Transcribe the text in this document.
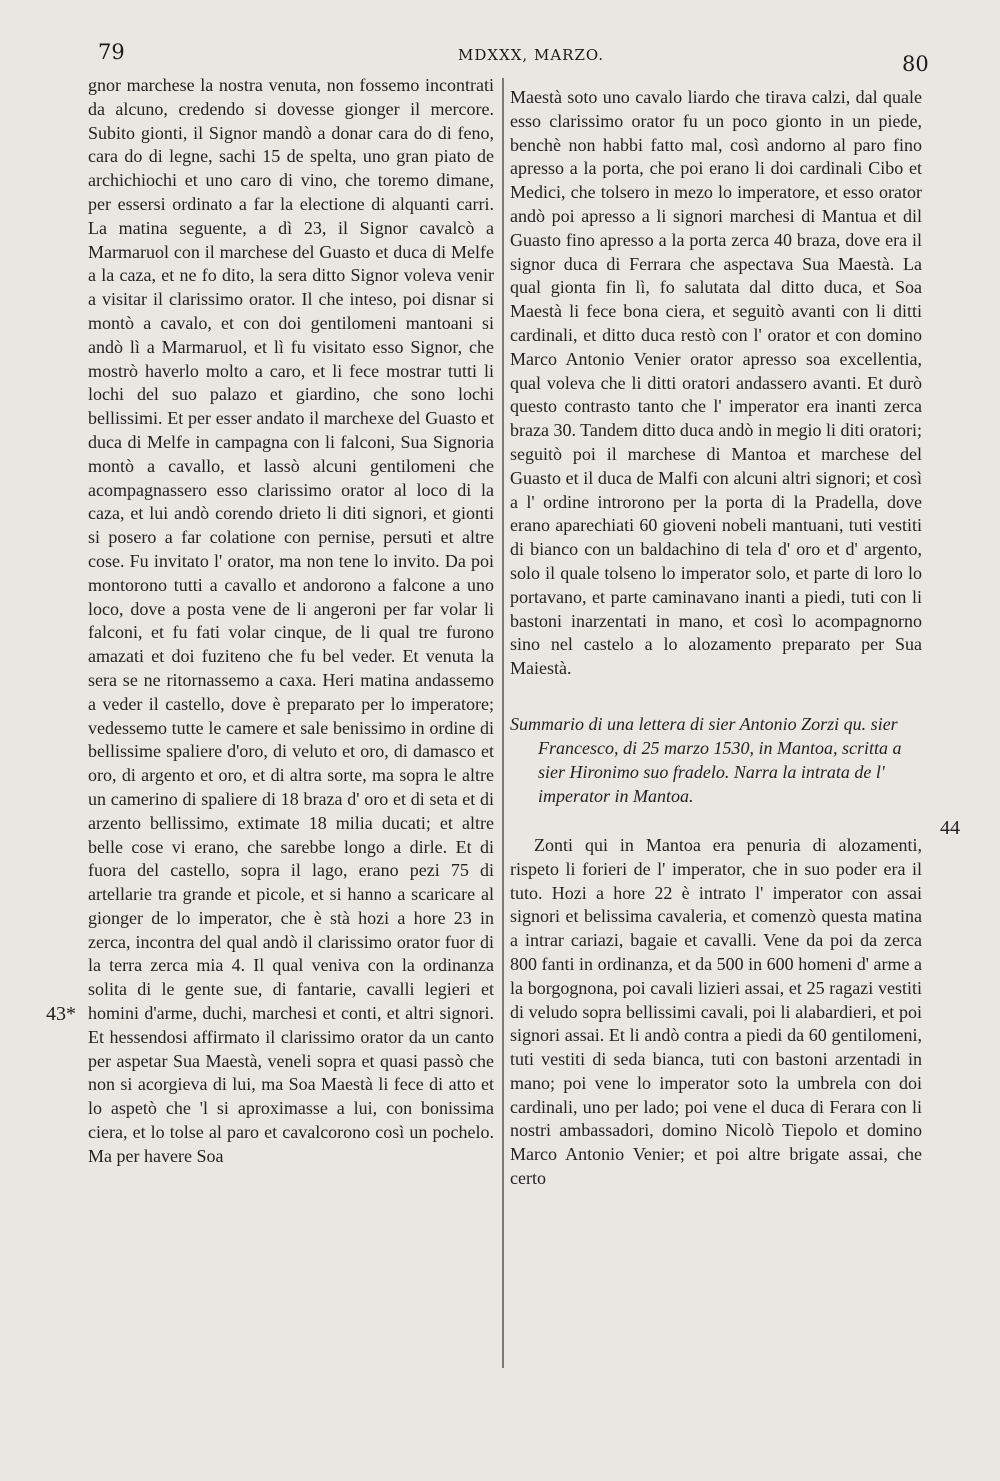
79	MDXXX, MARZO.	80

gnor marchese la nostra venuta, non fossemo incontrati da alcuno, credendo si dovesse gionger il mercore. Subito gionti, il Signor mandò a donar cara do di feno, cara do di legne, sachi 15 de spelta, uno gran piato de archichiochi et uno caro di vino, che toremo dimane, per essersi ordinato a far la electione di alquanti carri. La matina seguente, a dì 23, il Signor cavalcò a Marmaruol con il marchese del Guasto et duca di Melfe a la caza, et ne fo dito, la sera ditto Signor voleva venir a visitar il clarissimo orator. Il che inteso, poi disnar si montò a cavalo, et con doi gentilomeni mantoani si andò lì a Marmaruol, et lì fu visitato esso Signor, che mostrò haverlo molto a caro, et li fece mostrar tutti li lochi del suo palazo et giardino, che sono lochi bellissimi. Et per esser andato il marchexe del Guasto et duca di Melfe in campagna con li falconi, Sua Signoria montò a cavallo, et lassò alcuni gentilomeni che acompagnassero esso clarissimo orator al loco di la caza, et lui andò corendo drieto li diti signori, et gionti si posero a far colatione con pernise, persuti et altre cose. Fu invitato l' orator, ma non tene lo invito. Da poi montorono tutti a cavallo et andorono a falcone a uno loco, dove a posta vene de li angeroni per far volar li falconi, et fu fati volar cinque, de li qual tre furono amazati et doi fuziteno che fu bel veder. Et venuta la sera se ne ritornassemo a caxa. Heri matina andassemo a veder il castello, dove è preparato per lo imperatore; vedessemo tutte le camere et sale benissimo in ordine di bellissime spaliere d'oro, di veluto et oro, di damasco et oro, di argento et oro, et di altra sorte, ma sopra le altre un camerino di spaliere di 18 braza d' oro et di seta et di arzento bellissimo, extimate 18 milia ducati; et altre belle cose vi erano, che sarebbe longo a dirle. Et di fuora del castello, sopra il lago, erano pezi 75 di artellarie tra grande et picole, et si hanno a scaricare al gionger de lo imperator, che è stà hozi a hore 23 in zerca, incontra del qual andò il clarissimo orator fuor di la terra zerca mia 4. Il qual veniva con la ordinanza solita di le gente sue, di fantarie, cavalli legieri et homini d'arme, duchi, marchesi et conti, et altri signori. Et hessendosi affirmato il clarissimo orator da un canto per aspetar Sua Maestà, veneli sopra et quasi passò che non si acorgieva di lui, ma Soa Maestà li fece di atto et lo aspetò che 'l si aproximasse a lui, con bonissima ciera, et lo tolse al paro et cavalcorono così un pochelo. Ma per havere Soa

43*

Maestà soto uno cavalo liardo che tirava calzi, dal quale esso clarissimo orator fu un poco gionto in un piede, benchè non habbi fatto mal, così andorno al paro fino apresso a la porta, che poi erano li doi cardinali Cibo et Medici, che tolsero in mezo lo imperatore, et esso orator andò poi apresso a li signori marchesi di Mantua et dil Guasto fino apresso a la porta zerca 40 braza, dove era il signor duca di Ferrara che aspectava Sua Maestà. La qual gionta fin lì, fo salutata dal ditto duca, et Soa Maestà li fece bona ciera, et seguitò avanti con li ditti cardinali, et ditto duca restò con l' orator et con domino Marco Antonio Venier orator apresso soa excellentia, qual voleva che li ditti oratori andassero avanti. Et durò questo contrasto tanto che l' imperator era inanti zerca braza 30. Tandem ditto duca andò in megio li diti oratori; seguitò poi il marchese di Mantoa et marchese del Guasto et il duca de Malfi con alcuni altri signori; et così a l' ordine introrono per la porta di la Pradella, dove erano aparechiati 60 gioveni nobeli mantuani, tuti vestiti di bianco con un baldachino di tela d' oro et d' argento, solo il quale tolseno lo imperator solo, et parte di loro lo portavano, et parte caminavano inanti a piedi, tuti con li bastoni inarzentati in mano, et così lo acompagnorno sino nel castelo a lo alozamento preparato per Sua Maiestà.

Summario di una lettera di sier Antonio Zorzi qu. sier Francesco, di 25 marzo 1530, in Mantoa, scritta a sier Hironimo suo fradelo. Narra la intrata de l' imperator in Mantoa.

Zonti qui in Mantoa era penuria di alozamenti, rispeto li forieri de l' imperator, che in suo poder era il tuto. Hozi a hore 22 è intrato l' imperator con assai signori et belissima cavaleria, et comenzò questa matina a intrar cariazi, bagaie et cavalli. Vene da poi da zerca 800 fanti in ordinanza, et da 500 in 600 homeni d' arme a la borgognona, poi cavali lizieri assai, et 25 ragazi vestiti di veludo sopra bellissimi cavali, poi li alabardieri, et poi signori assai. Et li andò contra a piedi da 60 gentilomeni, tuti vestiti di seda bianca, tuti con bastoni arzentadi in mano; poi vene lo imperator soto la umbrela con doi cardinali, uno per lado; poi vene el duca di Ferara con li nostri ambassadori, domino Nicolò Tiepolo et domino Marco Antonio Venier; et poi altre brigate assai, che certo

44
